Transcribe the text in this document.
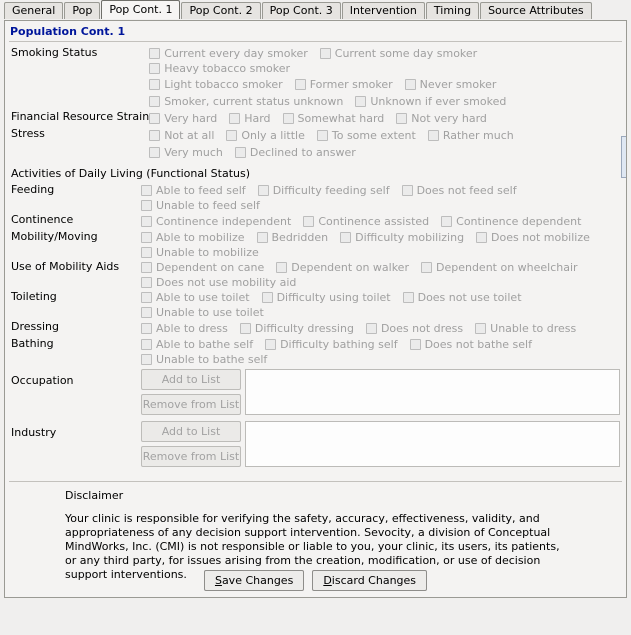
General	Pop	Pop Cont. 1	Pop Cont. 2	Pop Cont. 3	Intervention	Timing	Source Attributes
Population Cont. 1
Smoking Status	Current every day smoker Current some day smoker
Heavy tobacco smoker
Light tobacco smoker Former smoker Never smoker
Smoker, current status unknown Unknown if ever smoked

Financial Resource Strain	Very hard Hard Somewhat hard Not very hard

Stress	Not at all Only a little To some extent Rather much
Very much Declined to answer
Activities of Daily Living (Functional Status)
Feeding	Able to feed self Difficulty feeding self Does not feed self
Unable to feed self

Continence	Continence independent Continence assisted Continence dependent

Mobility/Moving	Able to mobilize Bedridden Difficulty mobilizing Does not mobilize
Unable to mobilize

Use of Mobility Aids	Dependent on cane Dependent on walker Dependent on wheelchair
Does not use mobility aid

Toileting	Able to use toilet Difficulty using toilet Does not use toilet
Unable to use toilet

Dressing	Able to dress Difficulty dressing Does not dress Unable to dress

Bathing	Able to bathe self Difficulty bathing self Does not bathe self
Unable to bathe self
Occupation	Add to List
Remove from List

Industry	Add to List
Remove from List
Disclaimer
Your clinic is responsible for verifying the safety, accuracy, effectiveness, validity, and appropriateness of any decision support intervention. Sevocity, a division of Conceptual MindWorks, Inc. (CMI) is not responsible or liable to you, your clinic, its users, its patients, or any third party, for issues arising from the creation, modification, or use of decision support interventions.	Save Changes	Discard Changes
